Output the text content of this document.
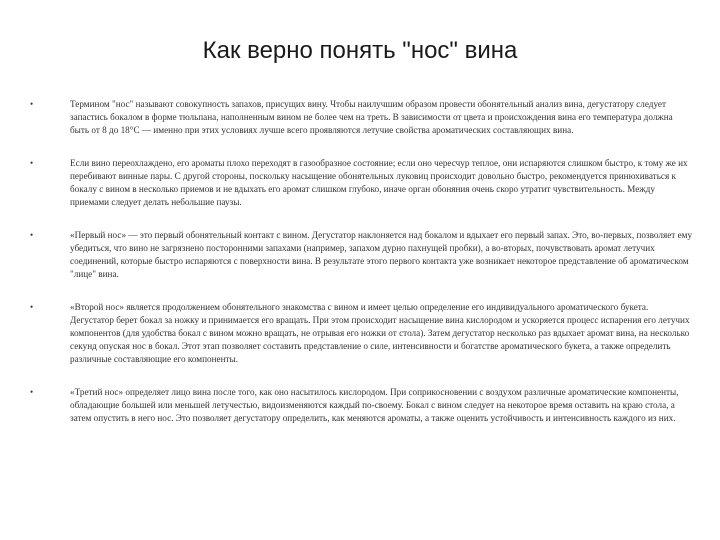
Как верно понять "нос" вина
•	Термином "нос" называют совокупность запахов, присущих вину. Чтобы наилучшим образом провести обонятельный анализ вина, дегустатору следует запастись бокалом в форме тюльпана, наполненным вином не более чем на треть. В зависимости от цвета и происхождения вина его температура должна быть от 8 до 18°С — именно при этих условиях лучше всего проявляются летучие свойства ароматических составляющих вина.
•	Если вино переохлаждено, его ароматы плохо переходят в газообразное состояние; если оно чересчур теплое, они испаряются слишком быстро, к тому же их перебивают винные пары. С другой стороны, поскольку насыщение обонятельных луковиц происходит довольно быстро, рекомендуется принюхиваться к бокалу с вином в несколько приемов и не вдыхать его аромат слишком глубоко, иначе орган обоняния очень скоро утратит чувствительность. Между приемами следует делать небольшие паузы.
•	«Первый нос» — это первый обонятельный контакт с вином. Дегустатор наклоняется над бокалом и вдыхает его первый запах. Это, во-первых, позволяет ему убедиться, что вино не загрязнено посторонними запахами (например, запахом дурно пахнущей пробки), а во-вторых, почувствовать аромат летучих соединений, которые быстро испаряются с поверхности вина. В результате этого первого контакта уже возникает некоторое представление об ароматическом "лице" вина.
•	«Второй нос» является продолжением обонятельного знакомства с вином и имеет целью определение его индивидуального ароматического букета. Дегустатор берет бокал за ножку и принимается его вращать. При этом происходит насыщение вина кислородом и ускоряется процесс испарения его летучих компонентов (для удобства бокал с вином можно вращать, не отрывая его ножки от стола). Затем дегустатор несколько раз вдыхает аромат вина, на несколько секунд опуская нос в бокал. Этот этап позволяет составить представление о силе, интенсивности и богатстве ароматического букета, а также определить различные составляющие его компоненты.
•	«Третий нос» определяет лицо вина после того, как оно насытилось кислородом. При соприкосновении с воздухом различные ароматические компоненты, обладающие большей или меньшей летучестью, видоизменяются каждый по-своему. Бокал с вином следует на некоторое время оставить на краю стола, а затем опустить в него нос. Это позволяет дегустатору определить, как меняются ароматы, а также оценить устойчивость и интенсивность каждого из них.
